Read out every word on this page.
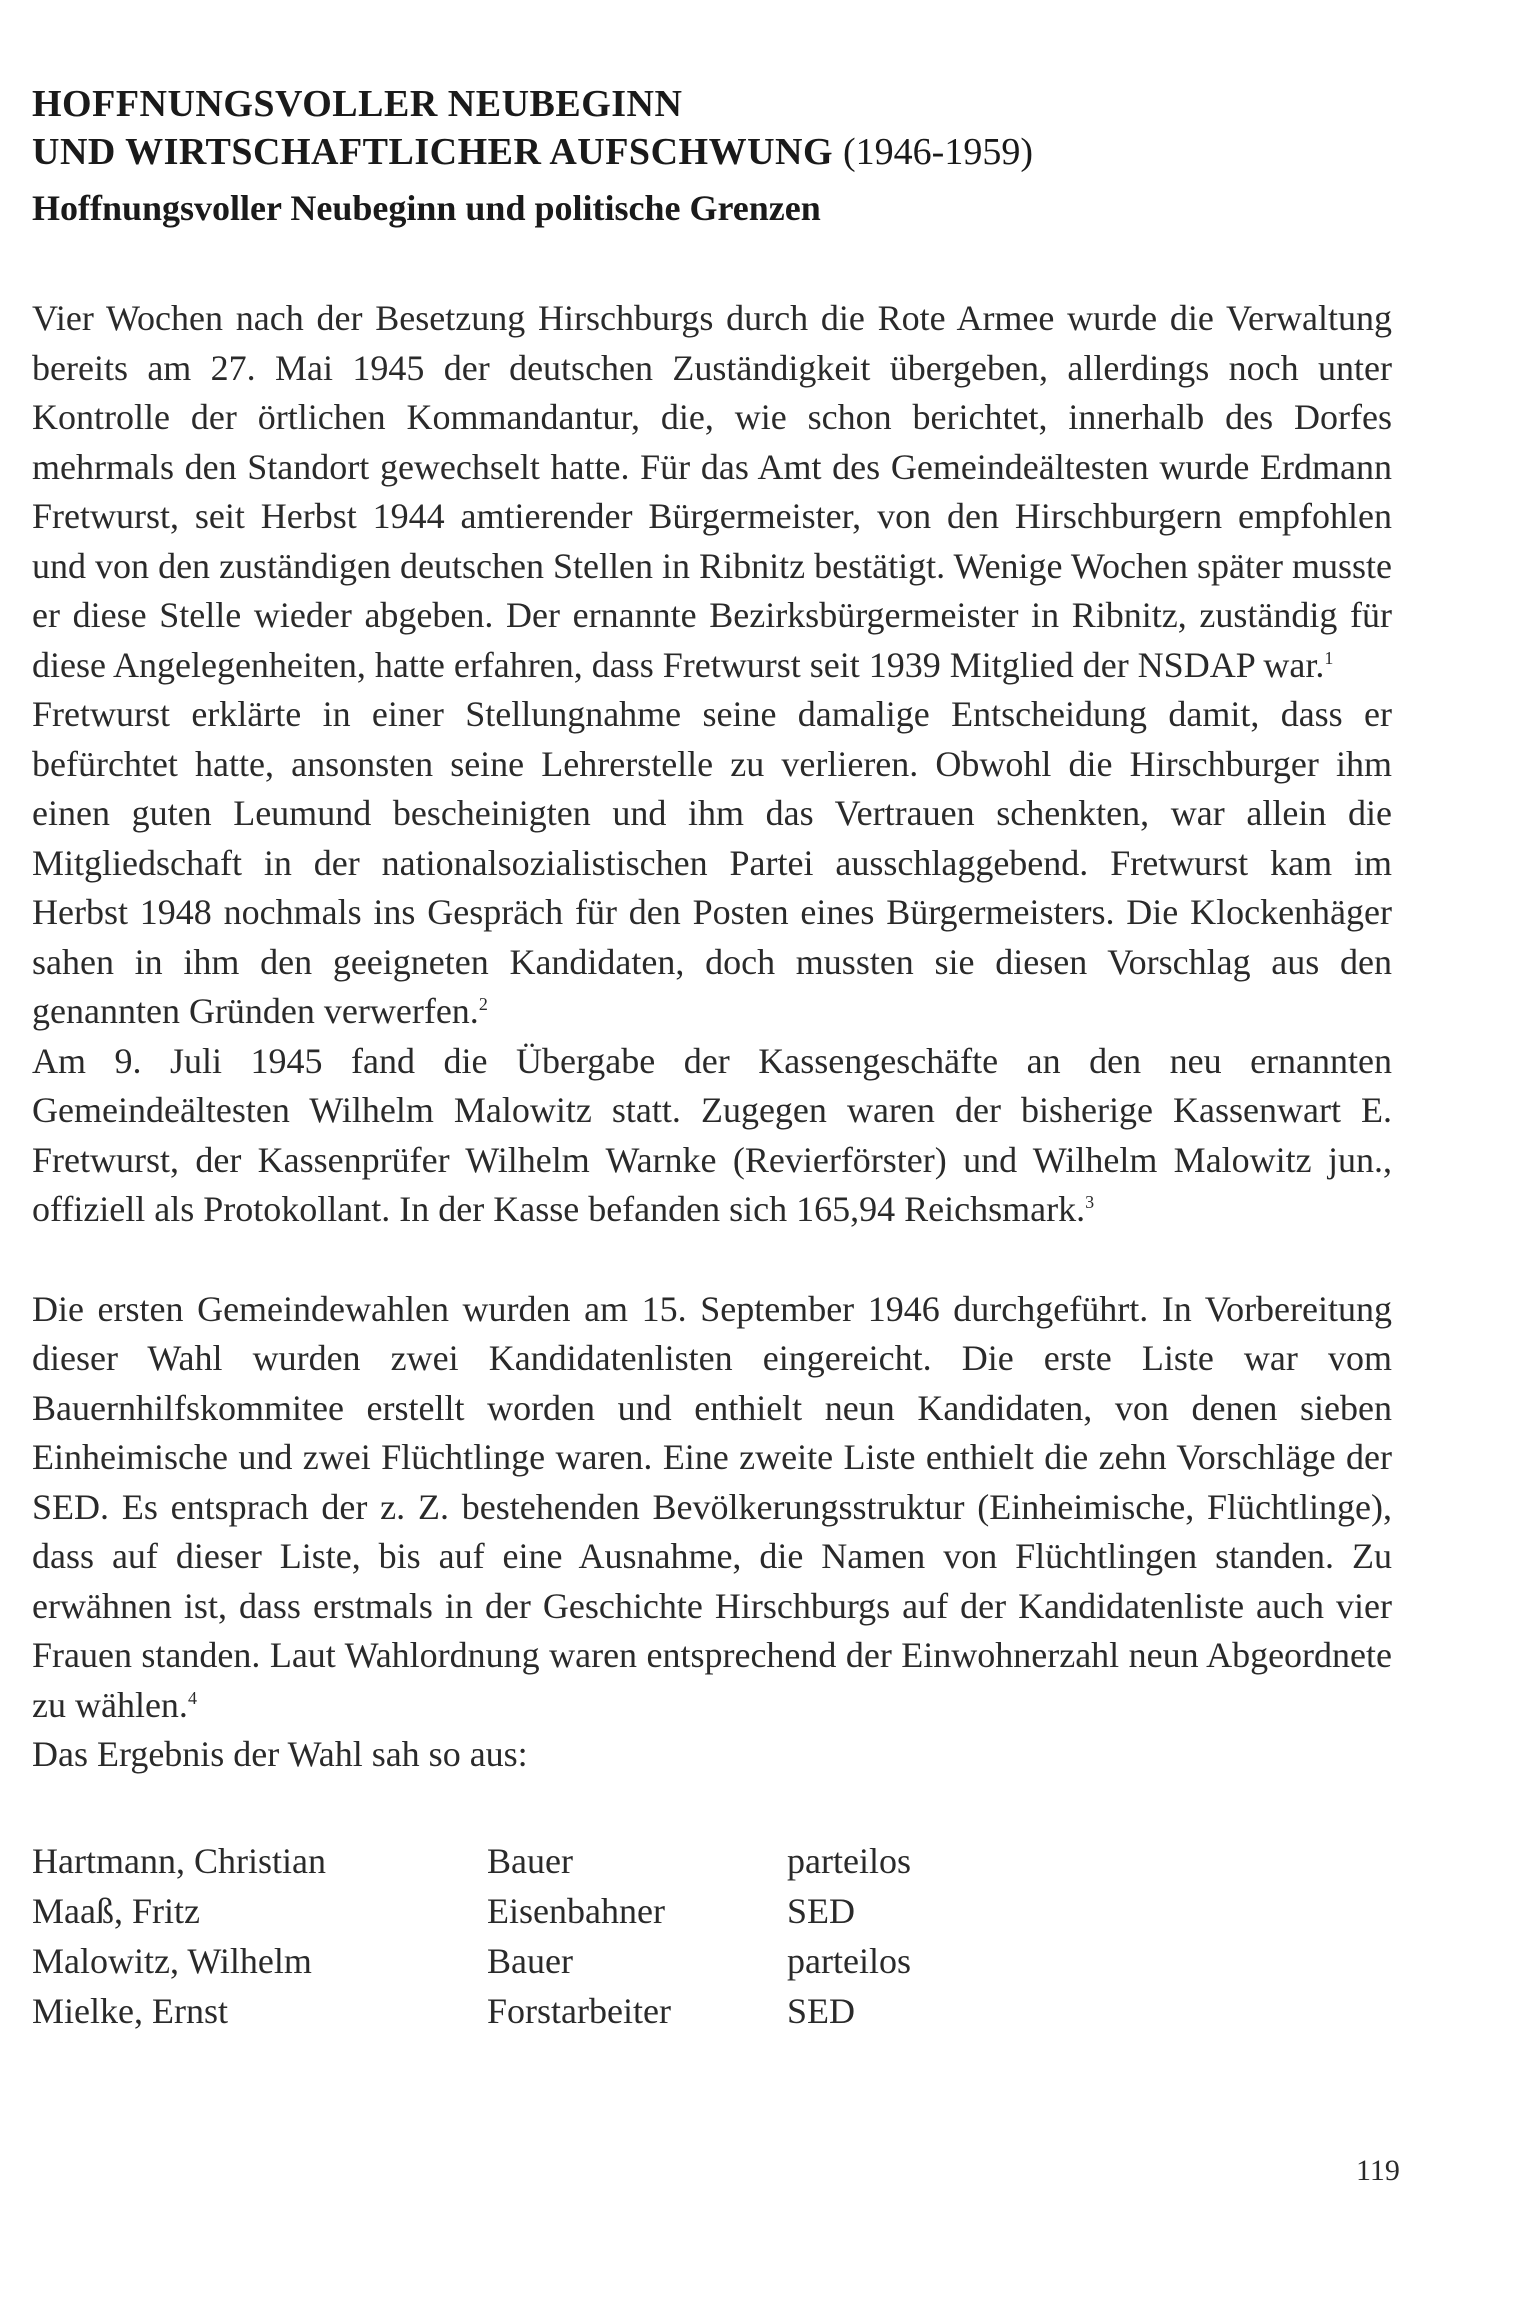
HOFFNUNGSVOLLER NEUBEGINN
UND WIRTSCHAFTLICHER AUFSCHWUNG (1946-1959)
Hoffnungsvoller Neubeginn und politische Grenzen

Vier Wochen nach der Besetzung Hirschburgs durch die Rote Armee wurde die Verwaltung bereits am 27. Mai 1945 der deutschen Zuständigkeit übergeben, allerdings noch unter Kontrolle der örtlichen Kommandantur, die, wie schon berichtet, innerhalb des Dorfes mehrmals den Standort gewechselt hatte. Für das Amt des Gemeindeältesten wurde Erdmann Fretwurst, seit Herbst 1944 amtierender Bürgermeister, von den Hirschburgern empfohlen und von den zuständigen deutschen Stellen in Ribnitz bestätigt. Wenige Wochen später musste er diese Stelle wieder abgeben. Der ernannte Bezirksbürgermeister in Ribnitz, zuständig für diese Angelegenheiten, hatte erfahren, dass Fretwurst seit 1939 Mitglied der NSDAP war.$^1$

Fretwurst erklärte in einer Stellungnahme seine damalige Entscheidung damit, dass er befürchtet hatte, ansonsten seine Lehrerstelle zu verlieren. Obwohl die Hirschburger ihm einen guten Leumund bescheinigten und ihm das Vertrauen schenkten, war allein die Mitgliedschaft in der nationalsozialistischen Partei ausschlaggebend. Fretwurst kam im Herbst 1948 nochmals ins Gespräch für den Posten eines Bürgermeisters. Die Klockenhäger sahen in ihm den geeigneten Kandidaten, doch mussten sie diesen Vorschlag aus den genannten Gründen verwerfen.$^2$

Am 9. Juli 1945 fand die Übergabe der Kassengeschäfte an den neu ernannten Gemeindeältesten Wilhelm Malowitz statt. Zugegen waren der bisherige Kassenwart E. Fretwurst, der Kassenprüfer Wilhelm Warnke (Revierförster) und Wilhelm Malowitz jun., offiziell als Protokollant. In der Kasse befanden sich 165,94 Reichsmark.$^3$

Die ersten Gemeindewahlen wurden am 15. September 1946 durchgeführt. In Vorbereitung dieser Wahl wurden zwei Kandidatenlisten eingereicht. Die erste Liste war vom Bauernhilfskommitee erstellt worden und enthielt neun Kandidaten, von denen sieben Einheimische und zwei Flüchtlinge waren. Eine zweite Liste enthielt die zehn Vorschläge der SED. Es entsprach der z. Z. bestehenden Bevölkerungsstruktur (Einheimische, Flüchtlinge), dass auf dieser Liste, bis auf eine Ausnahme, die Namen von Flüchtlingen standen. Zu erwähnen ist, dass erstmals in der Geschichte Hirschburgs auf der Kandidatenliste auch vier Frauen standen. Laut Wahlordnung waren entsprechend der Einwohnerzahl neun Abgeordnete zu wählen.$^4$

Das Ergebnis der Wahl sah so aus:

Hartmann, Christian	Bauer	parteilos
Maaß, Fritz	Eisenbahner	SED
Malowitz, Wilhelm	Bauer	parteilos
Mielke, Ernst	Forstarbeiter	SED
119
